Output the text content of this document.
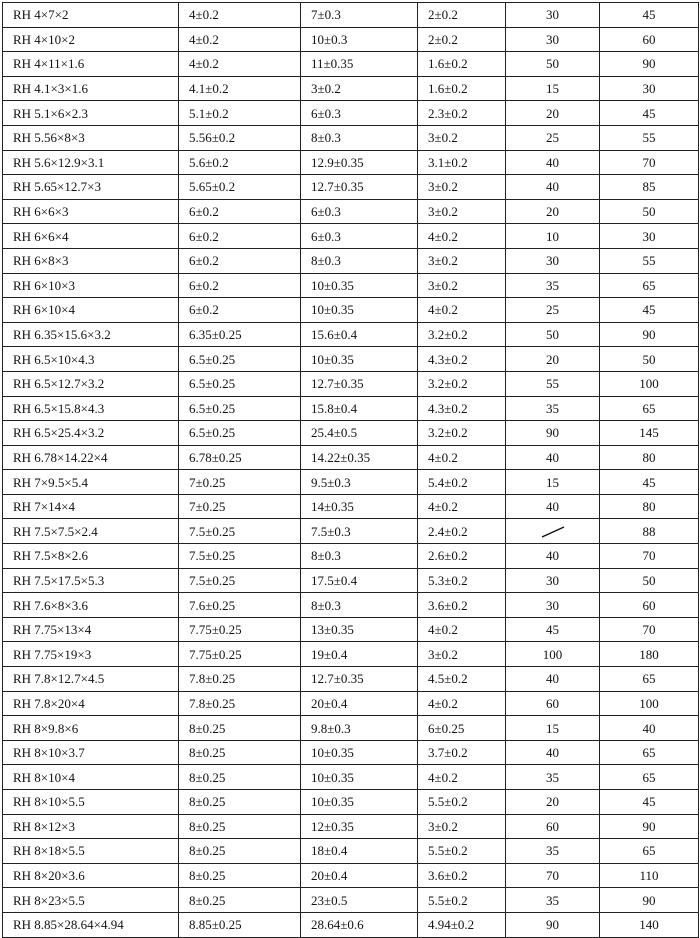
RH 4×7×2	4±0.2	7±0.3	2±0.2	30	45
RH 4×10×2	4±0.2	10±0.3	2±0.2	30	60
RH 4×11×1.6	4±0.2	11±0.35	1.6±0.2	50	90
RH 4.1×3×1.6	4.1±0.2	3±0.2	1.6±0.2	15	30
RH 5.1×6×2.3	5.1±0.2	6±0.3	2.3±0.2	20	45
RH 5.56×8×3	5.56±0.2	8±0.3	3±0.2	25	55
RH 5.6×12.9×3.1	5.6±0.2	12.9±0.35	3.1±0.2	40	70
RH 5.65×12.7×3	5.65±0.2	12.7±0.35	3±0.2	40	85
RH 6×6×3	6±0.2	6±0.3	3±0.2	20	50
RH 6×6×4	6±0.2	6±0.3	4±0.2	10	30
RH 6×8×3	6±0.2	8±0.3	3±0.2	30	55
RH 6×10×3	6±0.2	10±0.35	3±0.2	35	65
RH 6×10×4	6±0.2	10±0.35	4±0.2	25	45
RH 6.35×15.6×3.2	6.35±0.25	15.6±0.4	3.2±0.2	50	90
RH 6.5×10×4.3	6.5±0.25	10±0.35	4.3±0.2	20	50
RH 6.5×12.7×3.2	6.5±0.25	12.7±0.35	3.2±0.2	55	100
RH 6.5×15.8×4.3	6.5±0.25	15.8±0.4	4.3±0.2	35	65
RH 6.5×25.4×3.2	6.5±0.25	25.4±0.5	3.2±0.2	90	145
RH 6.78×14.22×4	6.78±0.25	14.22±0.35	4±0.2	40	80
RH 7×9.5×5.4	7±0.25	9.5±0.3	5.4±0.2	15	45
RH 7×14×4	7±0.25	14±0.35	4±0.2	40	80
RH 7.5×7.5×2.4	7.5±0.25	7.5±0.3	2.4±0.2		88
RH 7.5×8×2.6	7.5±0.25	8±0.3	2.6±0.2	40	70
RH 7.5×17.5×5.3	7.5±0.25	17.5±0.4	5.3±0.2	30	50
RH 7.6×8×3.6	7.6±0.25	8±0.3	3.6±0.2	30	60
RH 7.75×13×4	7.75±0.25	13±0.35	4±0.2	45	70
RH 7.75×19×3	7.75±0.25	19±0.4	3±0.2	100	180
RH 7.8×12.7×4.5	7.8±0.25	12.7±0.35	4.5±0.2	40	65
RH 7.8×20×4	7.8±0.25	20±0.4	4±0.2	60	100
RH 8×9.8×6	8±0.25	9.8±0.3	6±0.25	15	40
RH 8×10×3.7	8±0.25	10±0.35	3.7±0.2	40	65
RH 8×10×4	8±0.25	10±0.35	4±0.2	35	65
RH 8×10×5.5	8±0.25	10±0.35	5.5±0.2	20	45
RH 8×12×3	8±0.25	12±0.35	3±0.2	60	90
RH 8×18×5.5	8±0.25	18±0.4	5.5±0.2	35	65
RH 8×20×3.6	8±0.25	20±0.4	3.6±0.2	70	110
RH 8×23×5.5	8±0.25	23±0.5	5.5±0.2	35	90
RH 8.85×28.64×4.94	8.85±0.25	28.64±0.6	4.94±0.2	90	140
